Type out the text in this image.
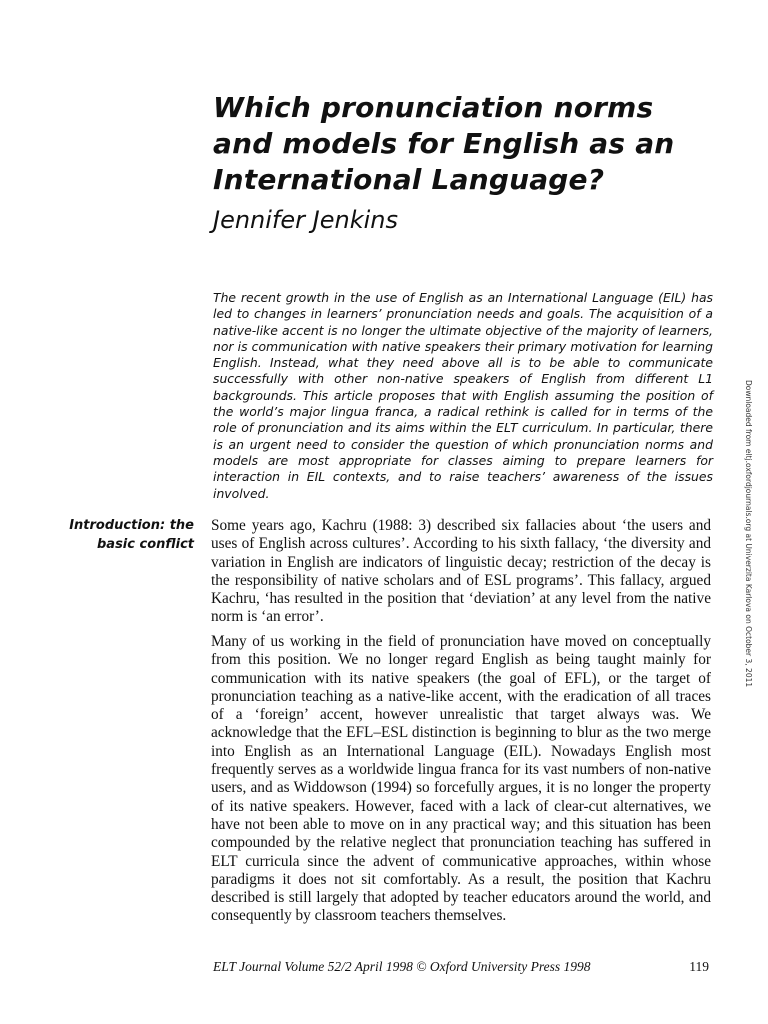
Which pronunciation norms and models for English as an International Language?

Jennifer Jenkins

The recent growth in the use of English as an International Language (EIL) has led to changes in learners’ pronunciation needs and goals. The acquisition of a native-like accent is no longer the ultimate objective of the majority of learners, nor is communication with native speakers their primary motivation for learning English. Instead, what they need above all is to be able to communicate successfully with other non-native speakers of English from different L1 backgrounds. This article proposes that with English assuming the position of the world’s major lingua franca, a radical rethink is called for in terms of the role of pronunciation and its aims within the ELT curriculum. In particular, there is an urgent need to consider the question of which pronunciation norms and models are most appropriate for classes aiming to prepare learners for interaction in EIL contexts, and to raise teachers’ awareness of the issues involved.

Introduction: the
basic conflict

Some years ago, Kachru (1988: 3) described six fallacies about ‘the users and uses of English across cultures’. According to his sixth fallacy, ‘the diversity and variation in English are indicators of linguistic decay; restriction of the decay is the responsibility of native scholars and of ESL programs’. This fallacy, argued Kachru, ‘has resulted in the position that ‘deviation’ at any level from the native norm is ‘an error’.

Many of us working in the field of pronunciation have moved on conceptually from this position. We no longer regard English as being taught mainly for communication with its native speakers (the goal of EFL), or the target of pronunciation teaching as a native-like accent, with the eradication of all traces of a ‘foreign’ accent, however unrealistic that target always was. We acknowledge that the EFL–ESL distinction is beginning to blur as the two merge into English as an International Language (EIL). Nowadays English most frequently serves as a worldwide lingua franca for its vast numbers of non-native users, and as Widdowson (1994) so forcefully argues, it is no longer the property of its native speakers. However, faced with a lack of clear-cut alternatives, we have not been able to move on in any practical way; and this situation has been compounded by the relative neglect that pronunciation teaching has suffered in ELT curricula since the advent of communicative approaches, within whose paradigms it does not sit comfortably. As a result, the position that Kachru described is still largely that adopted by teacher educators around the world, and consequently by classroom teachers themselves.

ELT Journal Volume 52/2 April 1998 © Oxford University Press 1998	119
Downloaded from eltj.oxfordjournals.org at Univerzita Karlova on October 3, 2011
